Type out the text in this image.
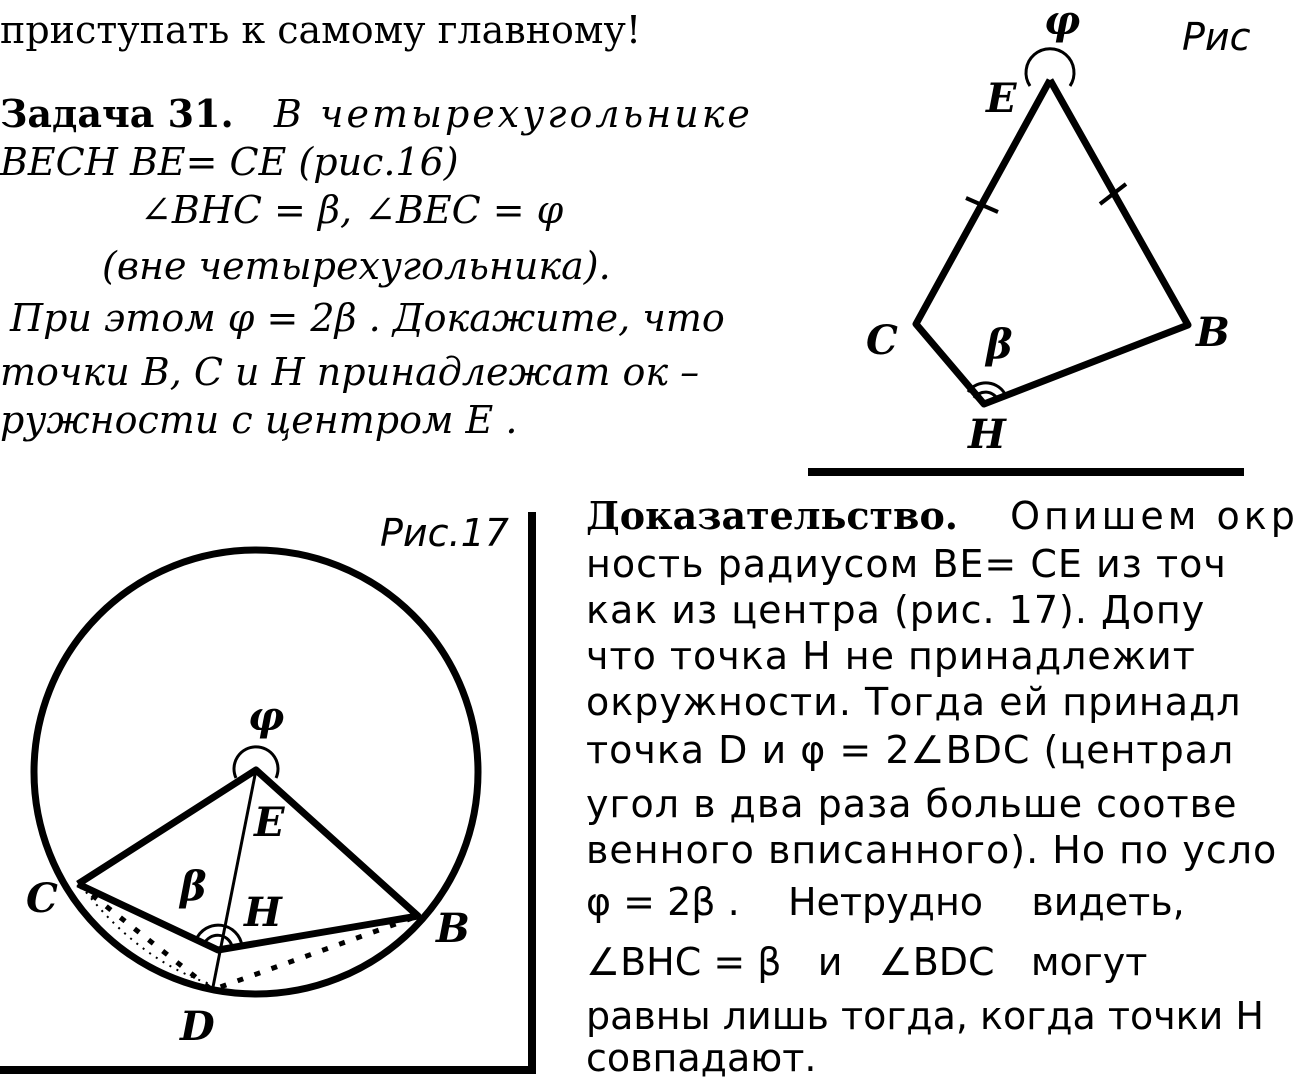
приступать к самому главному!
Задача 31. В четырехугольнике
BECH BE= CE (рис.16)
∠BHC = β, ∠BEC = φ
(вне четырехугольника).
При этом φ = 2β . Докажите, что
точки B, C и H принадлежат ок –
ружности с центром E .
φ
E
C	B
β
H
Рис
Рис.17
φ
E
C	β
H	B
D
Доказательство. Опишем окр
ность радиусом BE= CE из точ
как из центра (рис. 17). Допу
что точка H не принадлежит
окружности. Тогда ей принадл
точка D и φ = 2∠BDC (централ
угол в два раза больше соотве
венного вписанного). Но по усло
φ = 2β .    Нетрудно    видеть,
∠BHC = β   и   ∠BDC   могут
равны лишь тогда, когда точки H
совпадают.
